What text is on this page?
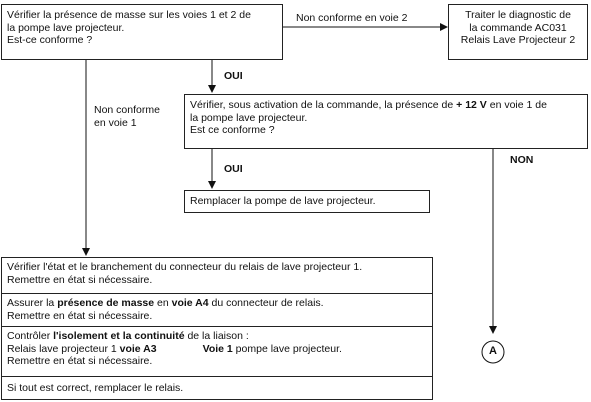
Vérifier la présence de masse sur les voies 1 et 2 de
la pompe lave projecteur.
Est-ce conforme ?
Non conforme en voie 2	Traiter le diagnostic de
la commande AC031
Relais Lave Projecteur 2
OUI
Non conforme
en voie 1
Vérifier, sous activation de la commande, la présence de + 12 V en voie 1 de
la pompe lave projecteur.
Est ce conforme ?
NON
OUI
Remplacer la pompe de lave projecteur.
Vérifier l'état et le branchement du connecteur du relais de lave projecteur 1.
Remettre en état si nécessaire.
Assurer la présence de masse en voie A4 du connecteur de relais.
Remettre en état si nécessaire.
Contrôler l'isolement et la continuité de la liaison :
Relais lave projecteur 1 voie A3	Voie 1 pompe lave projecteur.
Remettre en état si nécessaire.
Si tout est correct, remplacer le relais.
A
